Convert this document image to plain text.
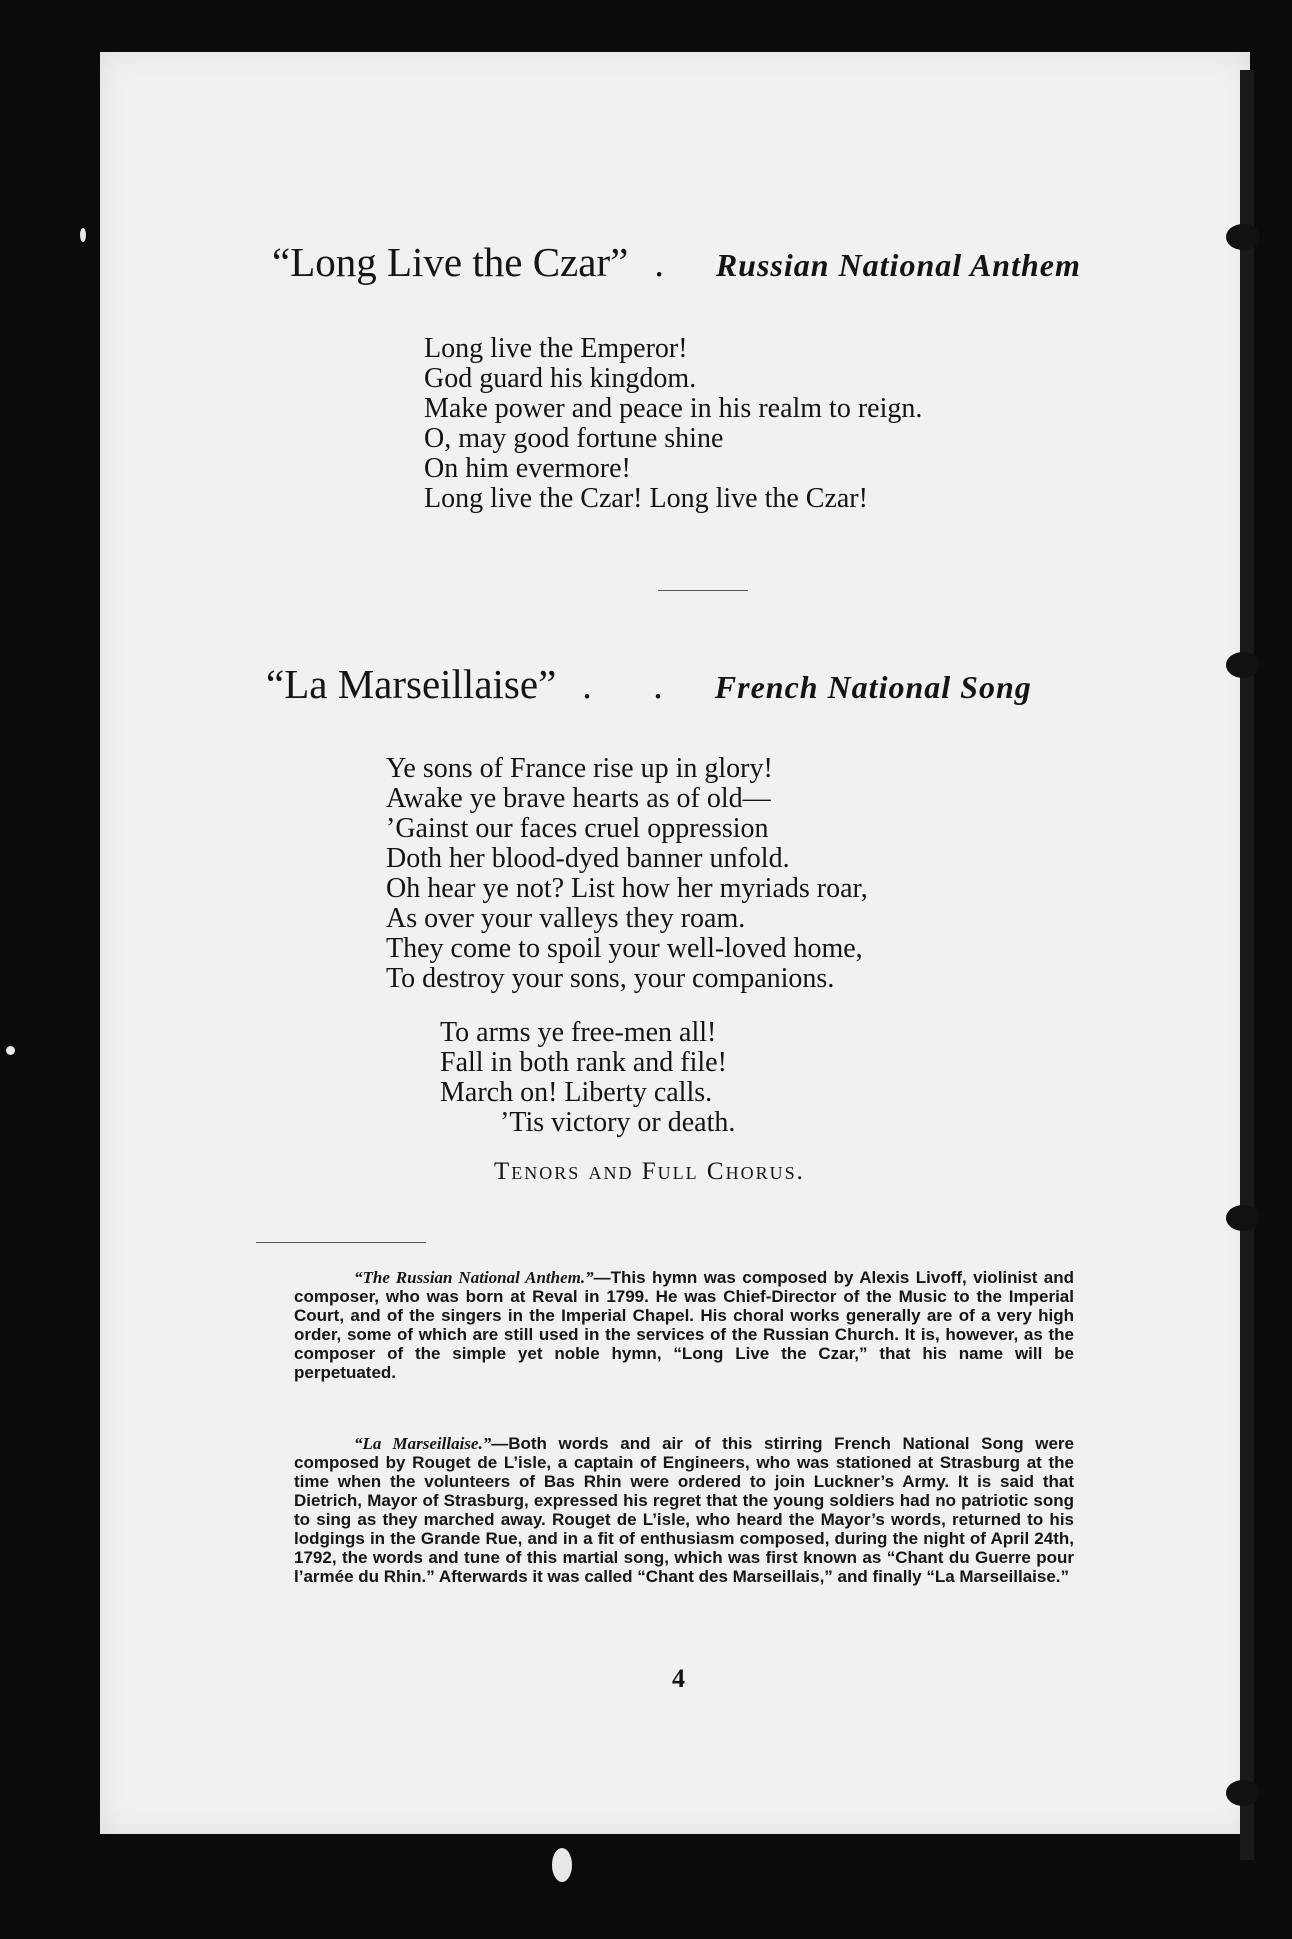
“Long Live the Czar” . Russian National Anthem
Long live the Emperor!
God guard his kingdom.
Make power and peace in his realm to reign.
O, may good fortune shine
On him evermore!
Long live the Czar! Long live the Czar!
“La Marseillaise” . . French National Song
Ye sons of France rise up in glory!
Awake ye brave hearts as of old—
’Gainst our faces cruel oppression
Doth her blood-dyed banner unfold.
Oh hear ye not? List how her myriads roar,
As over your valleys they roam.
They come to spoil your well-loved home,
To destroy your sons, your companions.
To arms ye free-men all!
Fall in both rank and file!
March on! Liberty calls.
’Tis victory or death.
Tenors and Full Chorus.

“The Russian National Anthem.”—This hymn was composed by Alexis Livoff, violinist and composer, who was born at Reval in 1799. He was Chief-Director of the Music to the Imperial Court, and of the singers in the Imperial Chapel. His choral works generally are of a very high order, some of which are still used in the services of the Russian Church. It is, however, as the composer of the simple yet noble hymn, “Long Live the Czar,” that his name will be perpetuated.

“La Marseillaise.”—Both words and air of this stirring French National Song were composed by Rouget de L’isle, a captain of Engineers, who was stationed at Strasburg at the time when the volunteers of Bas Rhin were ordered to join Luckner’s Army. It is said that Dietrich, Mayor of Strasburg, expressed his regret that the young soldiers had no patriotic song to sing as they marched away. Rouget de L’isle, who heard the Mayor’s words, returned to his lodgings in the Grande Rue, and in a fit of enthusiasm composed, during the night of April 24th, 1792, the words and tune of this martial song, which was first known as “Chant du Guerre pour l’armée du Rhin.” Afterwards it was called “Chant des Marseillais,” and finally “La Marseillaise.”

4
